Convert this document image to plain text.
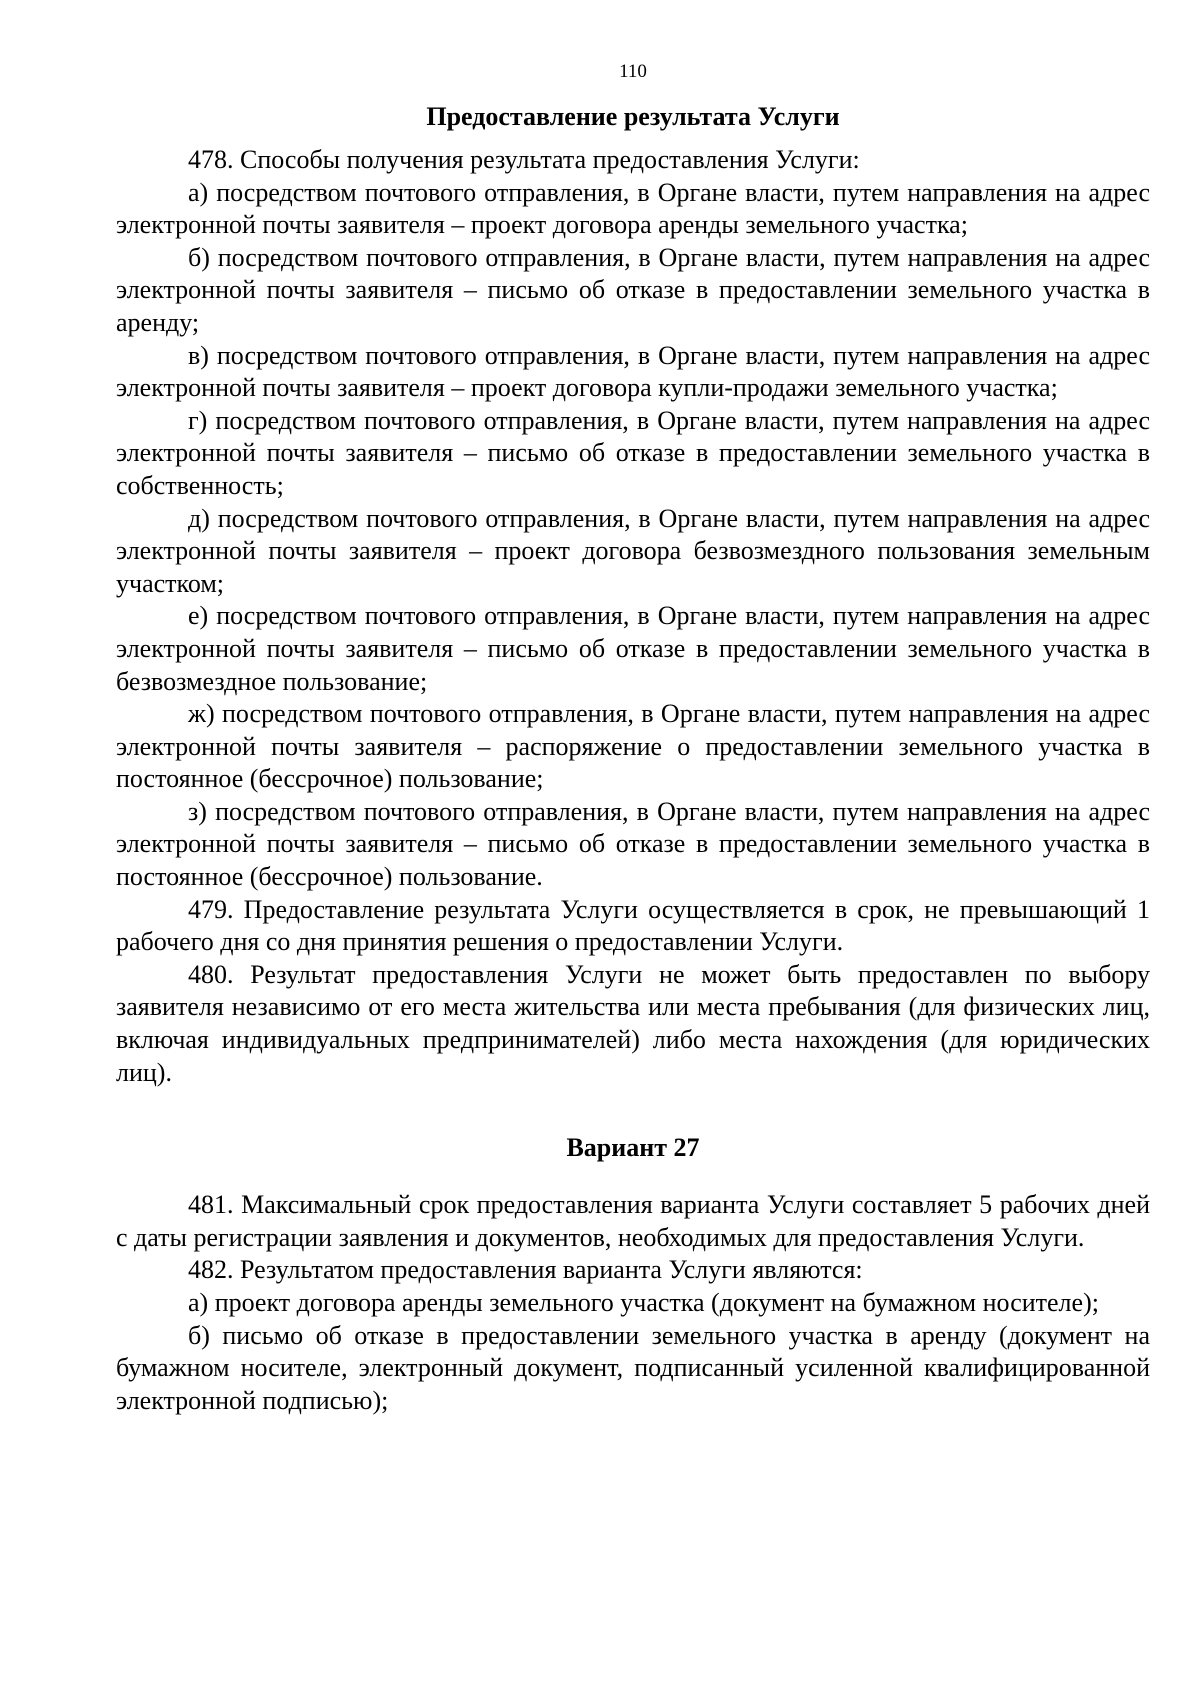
110
Предоставление результата Услуги

478. Способы получения результата предоставления Услуги:

а) посредством почтового отправления, в Органе власти, путем направления на адрес электронной почты заявителя – проект договора аренды земельного участка;

б) посредством почтового отправления, в Органе власти, путем направления на адрес электронной почты заявителя – письмо об отказе в предоставлении земельного участка в аренду;

в) посредством почтового отправления, в Органе власти, путем направления на адрес электронной почты заявителя – проект договора купли-продажи земельного участка;

г) посредством почтового отправления, в Органе власти, путем направления на адрес электронной почты заявителя – письмо об отказе в предоставлении земельного участка в собственность;

д) посредством почтового отправления, в Органе власти, путем направления на адрес электронной почты заявителя – проект договора безвозмездного пользования земельным участком;

е) посредством почтового отправления, в Органе власти, путем направления на адрес электронной почты заявителя – письмо об отказе в предоставлении земельного участка в безвозмездное пользование;

ж) посредством почтового отправления, в Органе власти, путем направления на адрес электронной почты заявителя – распоряжение о предоставлении земельного участка в постоянное (бессрочное) пользование;

з) посредством почтового отправления, в Органе власти, путем направления на адрес электронной почты заявителя – письмо об отказе в предоставлении земельного участка в постоянное (бессрочное) пользование.

479. Предоставление результата Услуги осуществляется в срок, не превышающий 1 рабочего дня со дня принятия решения о предоставлении Услуги.

480. Результат предоставления Услуги не может быть предоставлен по выбору заявителя независимо от его места жительства или места пребывания (для физических лиц, включая индивидуальных предпринимателей) либо места нахождения (для юридических лиц).

Вариант 27

481. Максимальный срок предоставления варианта Услуги составляет 5 рабочих дней с даты регистрации заявления и документов, необходимых для предоставления Услуги.

482. Результатом предоставления варианта Услуги являются:

а) проект договора аренды земельного участка (документ на бумажном носителе);

б) письмо об отказе в предоставлении земельного участка в аренду (документ на бумажном носителе, электронный документ, подписанный усиленной квалифицированной электронной подписью);
